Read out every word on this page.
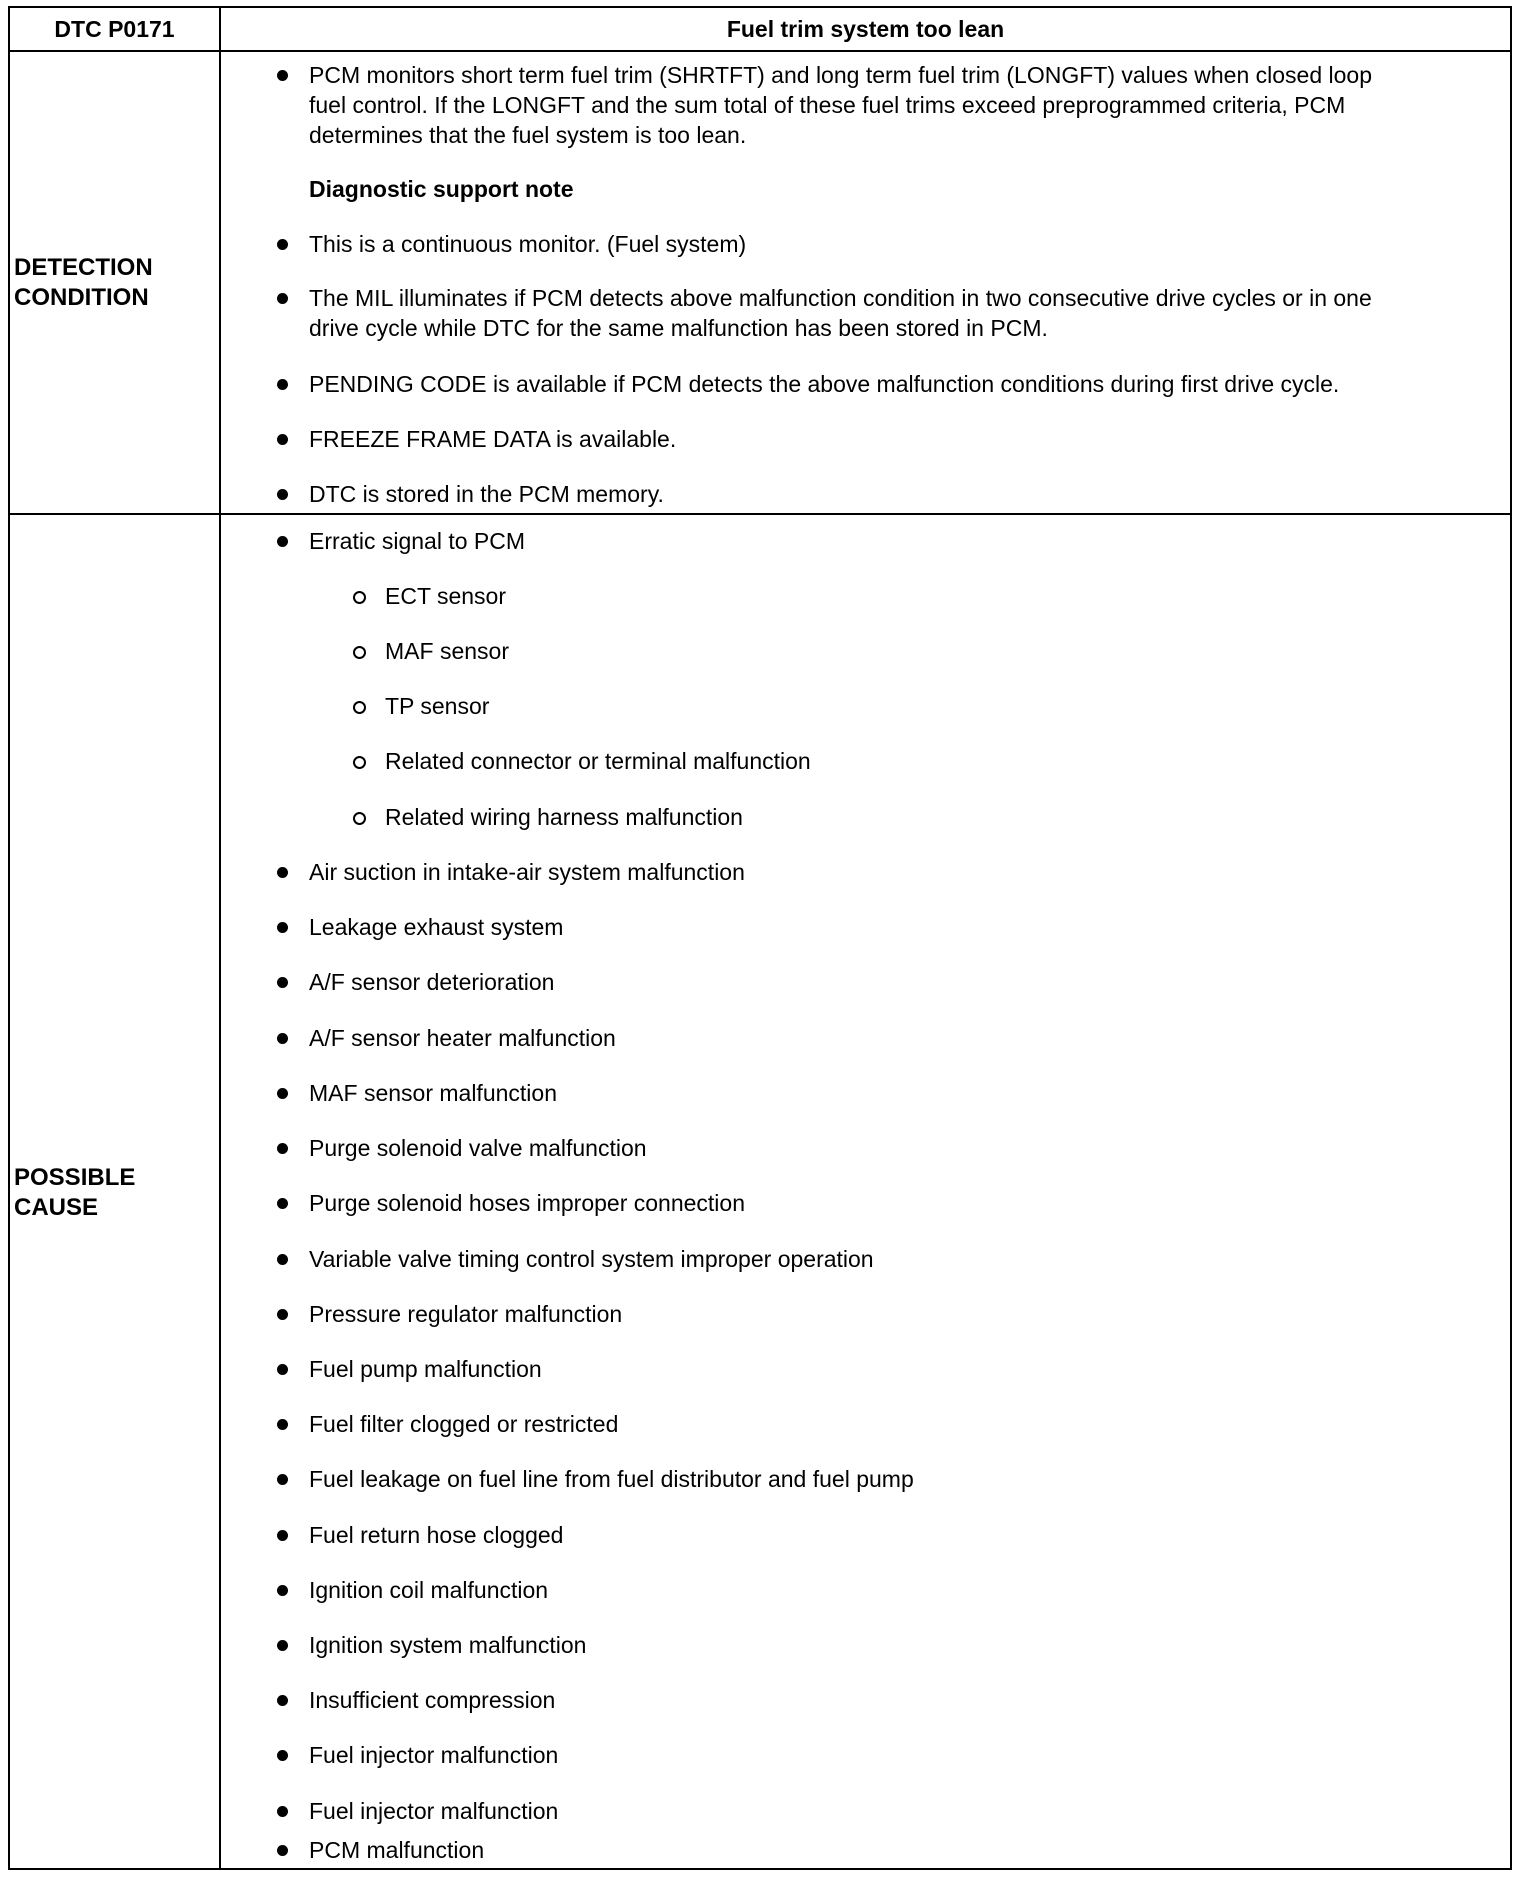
DTC P0171	Fuel trim system too lean
DETECTION
CONDITION
PCM monitors short term fuel trim (SHRTFT) and long term fuel trim (LONGFT) values when closed loop
fuel control. If the LONGFT and the sum total of these fuel trims exceed preprogrammed criteria, PCM
determines that the fuel system is too lean.
Diagnostic support note
This is a continuous monitor. (Fuel system)
The MIL illuminates if PCM detects above malfunction condition in two consecutive drive cycles or in one
drive cycle while DTC for the same malfunction has been stored in PCM.
PENDING CODE is available if PCM detects the above malfunction conditions during first drive cycle.
FREEZE FRAME DATA is available.
DTC is stored in the PCM memory.
POSSIBLE
CAUSE
Erratic signal to PCM
ECT sensor
MAF sensor
TP sensor
Related connector or terminal malfunction
Related wiring harness malfunction
Air suction in intake-air system malfunction
Leakage exhaust system
A/F sensor deterioration
A/F sensor heater malfunction
MAF sensor malfunction
Purge solenoid valve malfunction
Purge solenoid hoses improper connection
Variable valve timing control system improper operation
Pressure regulator malfunction
Fuel pump malfunction
Fuel filter clogged or restricted
Fuel leakage on fuel line from fuel distributor and fuel pump
Fuel return hose clogged
Ignition coil malfunction
Ignition system malfunction
Insufficient compression
Fuel injector malfunction
Fuel injector malfunction
PCM malfunction
